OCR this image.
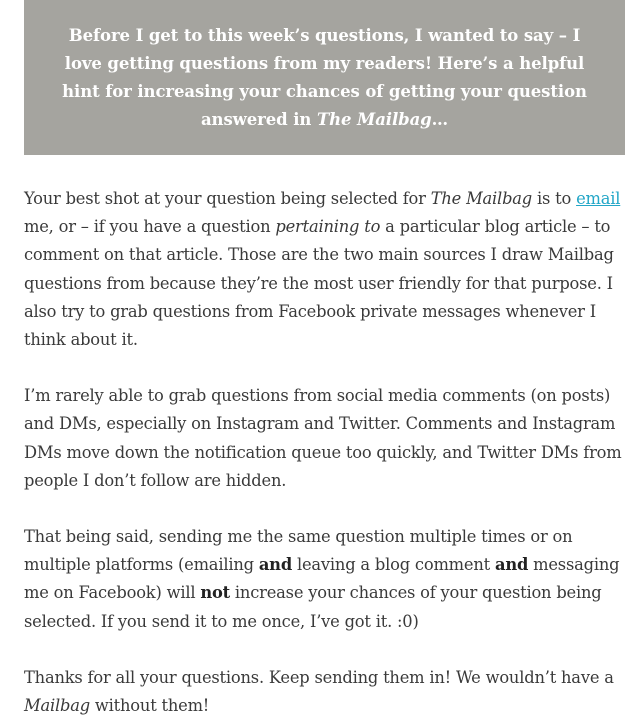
Before I get to this week’s questions, I wanted to say – I love getting questions from my readers! Here’s a helpful hint for increasing your chances of getting your question answered in The Mailbag…

Your best shot at your question being selected for The Mailbag is to email me, or – if you have a question pertaining to a particular blog article – to comment on that article. Those are the two main sources I draw Mailbag questions from because they’re the most user friendly for that purpose. I also try to grab questions from Facebook private messages whenever I think about it.

I’m rarely able to grab questions from social media comments (on posts) and DMs, especially on Instagram and Twitter. Comments and Instagram DMs move down the notification queue too quickly, and Twitter DMs from people I don’t follow are hidden.

That being said, sending me the same question multiple times or on multiple platforms (emailing and leaving a blog comment and messaging me on Facebook) will not increase your chances of your question being selected. If you send it to me once, I’ve got it. :0)

Thanks for all your questions. Keep sending them in! We wouldn’t have a Mailbag without them!
